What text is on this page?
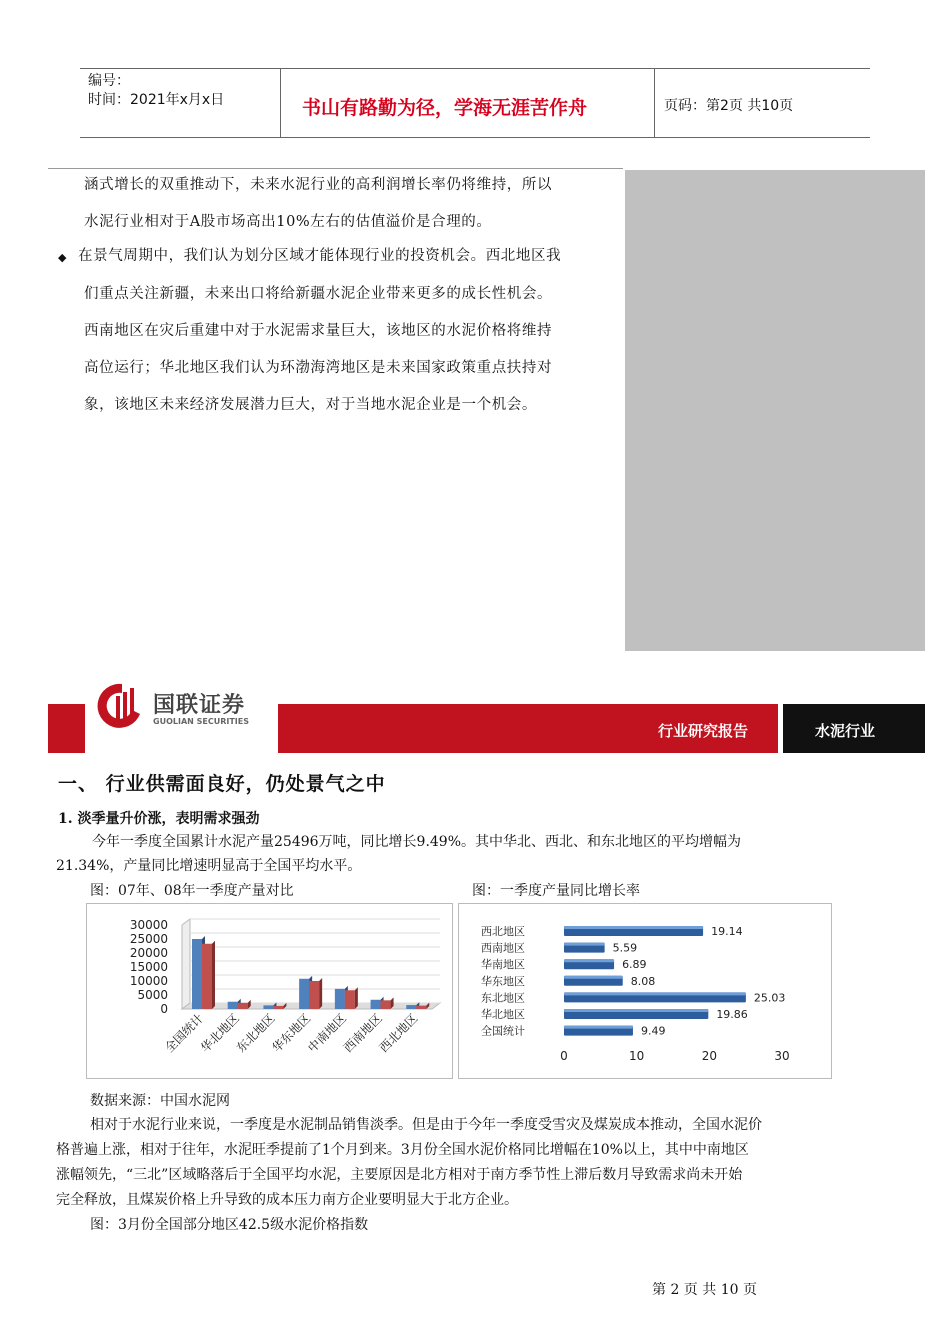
编号：
时间：2021年x月x日	书山有路勤为径，学海无涯苦作舟	页码：第2页 共10页
涵式增长的双重推动下，未来水泥行业的高利润增长率仍将维持，所以
水泥行业相对于A股市场高出10%左右的估值溢价是合理的。
◆ 在景气周期中，我们认为划分区域才能体现行业的投资机会。西北地区我
们重点关注新疆，未来出口将给新疆水泥企业带来更多的成长性机会。
西南地区在灾后重建中对于水泥需求量巨大，该地区的水泥价格将维持
高位运行；华北地区我们认为环渤海湾地区是未来国家政策重点扶持对
象，该地区未来经济发展潜力巨大，对于当地水泥企业是一个机会。
国联证券
GUOLIAN SECURITIES
行业研究报告	水泥行业
一、 行业供需面良好，仍处景气之中
1. 淡季量升价涨，表明需求强劲
今年一季度全国累计水泥产量25496万吨，同比增长9.49%。其中华北、西北、和东北地区的平均增幅为
21.34%，产量同比增速明显高于全国平均水平。
图：07年、08年一季度产量对比	图：一季度产量同比增长率
30000
25000
20000
15000
10000
5000
0
全国统计
华北地区
东北地区
华东地区
中南地区
西南地区
西北地区
西北地区	19.14
西南地区	5.59
华南地区	6.89
华东地区	8.08
东北地区	25.03
华北地区	19.86
全国统计	9.49
0	10	20	30
数据来源：中国水泥网
相对于水泥行业来说，一季度是水泥制品销售淡季。但是由于今年一季度受雪灾及煤炭成本推动，全国水泥价
格普遍上涨，相对于往年，水泥旺季提前了1个月到来。3月份全国水泥价格同比增幅在10%以上，其中中南地区
涨幅领先，“三北”区域略落后于全国平均水泥，主要原因是北方相对于南方季节性上滞后数月导致需求尚未开始
完全释放，且煤炭价格上升导致的成本压力南方企业要明显大于北方企业。
图：3月份全国部分地区42.5级水泥价格指数
第 2 页 共 10 页
